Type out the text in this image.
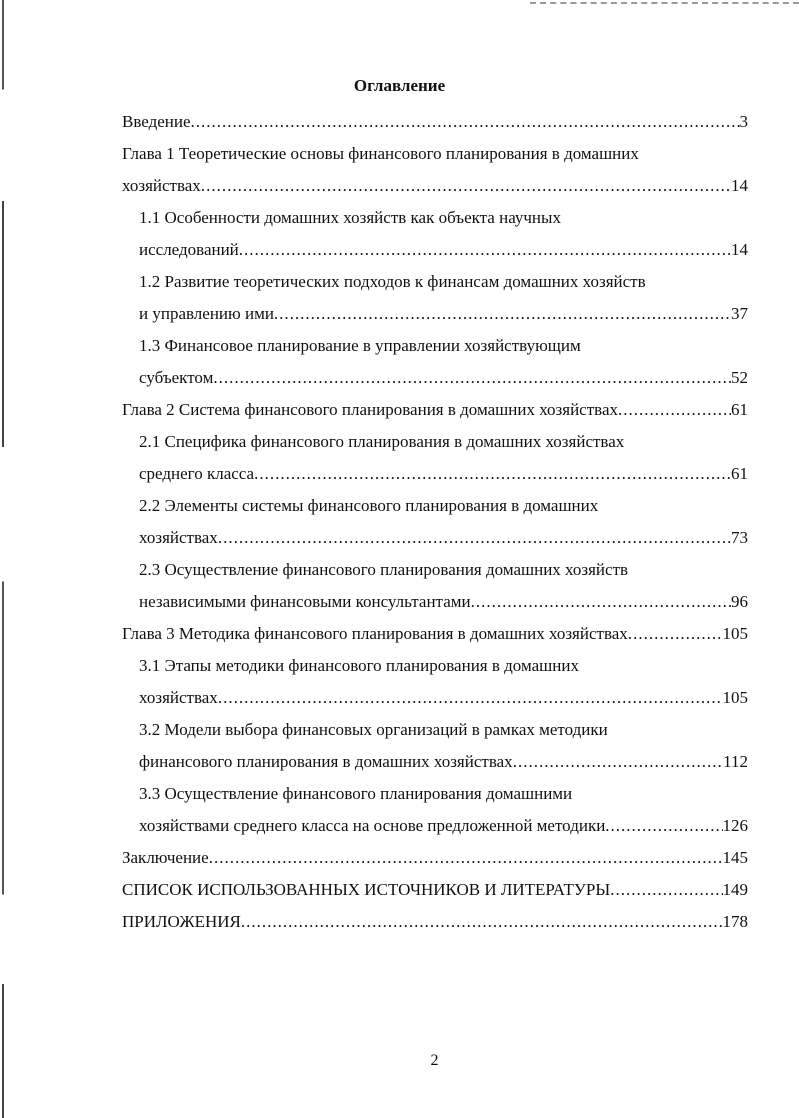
Оглавление
Введение .....	3
Глава 1 Теоретические основы финансового планирования в домашних
хозяйствах .....	14
1.1 Особенности домашних хозяйств как объекта научных
исследований .....	14
1.2 Развитие теоретических подходов к финансам домашних хозяйств
и управлению ими .....	37
1.3 Финансовое планирование в управлении хозяйствующим
субъектом .....	52
Глава 2 Система финансового планирования в домашних хозяйствах .....	61
2.1 Специфика финансового планирования в домашних хозяйствах
среднего класса .....	61
2.2 Элементы системы финансового планирования в домашних
хозяйствах .....	73
2.3 Осуществление финансового планирования домашних хозяйств
независимыми финансовыми консультантами .....	96
Глава 3 Методика финансового планирования в домашних хозяйствах .....	105
3.1 Этапы методики финансового планирования в домашних
хозяйствах .....	105
3.2 Модели выбора финансовых организаций в рамках методики
финансового планирования в домашних хозяйствах .....	112
3.3 Осуществление финансового планирования домашними
хозяйствами среднего класса на основе предложенной методики .....	126
Заключение .....	145
СПИСОК ИСПОЛЬЗОВАННЫХ ИСТОЧНИКОВ И ЛИТЕРАТУРЫ .....	149
ПРИЛОЖЕНИЯ .....	178
2
